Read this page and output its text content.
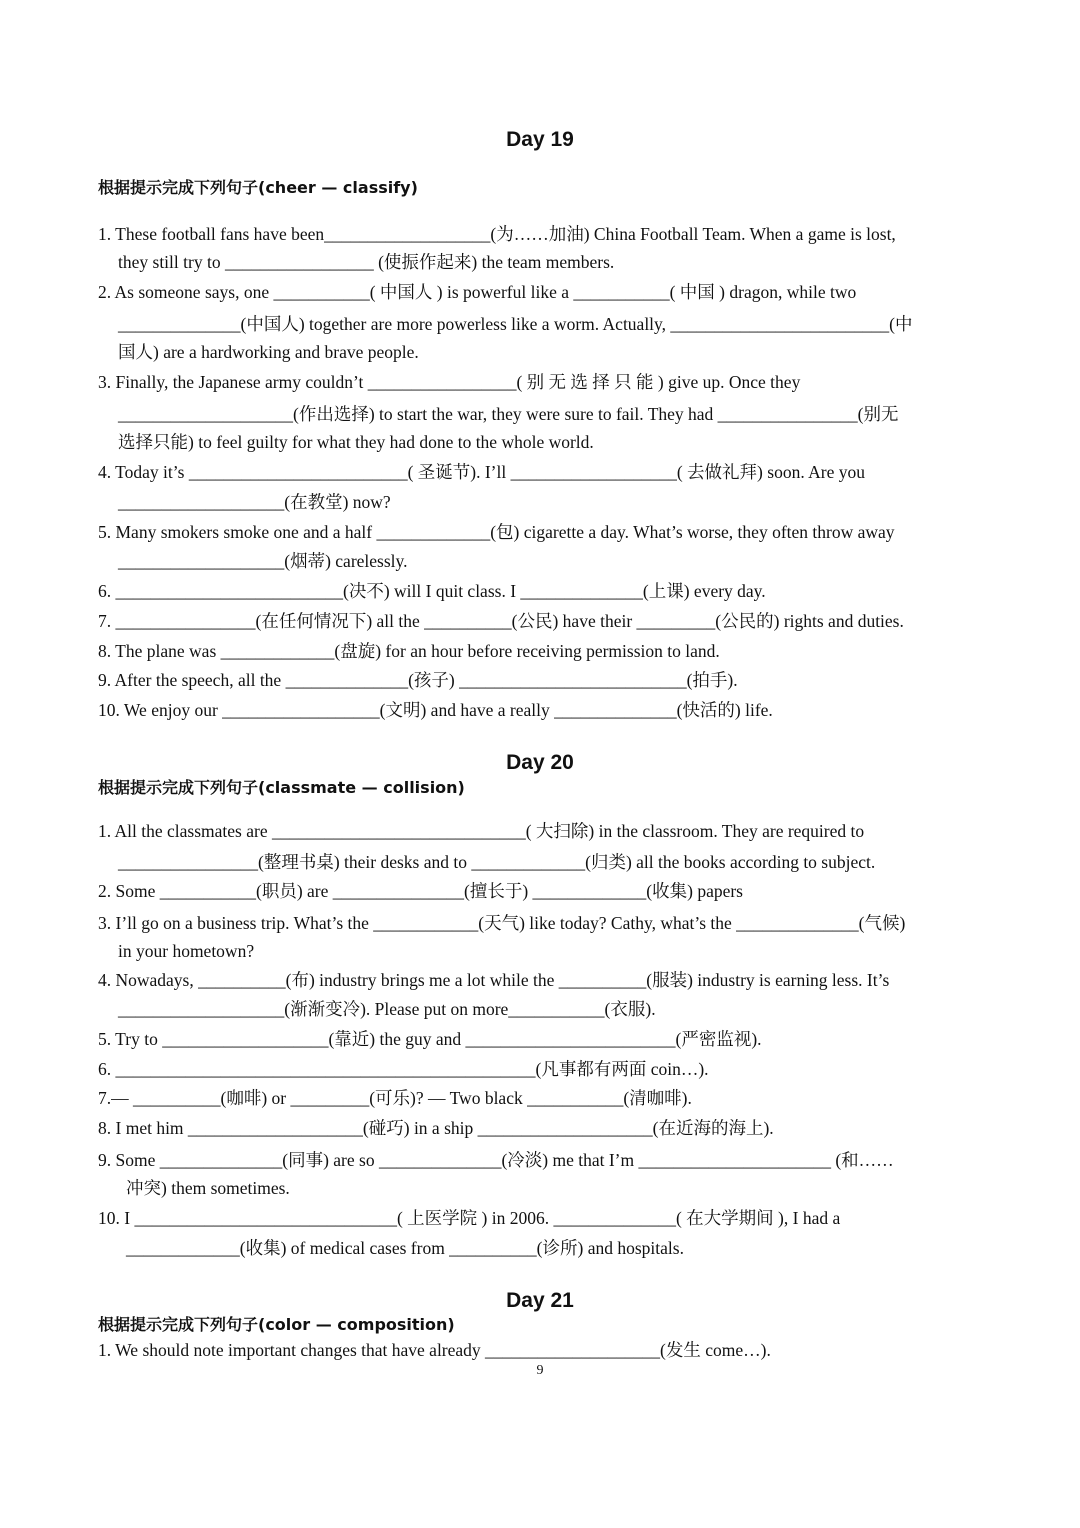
Day 19
根据提示完成下列句子(cheer — classify)
1. These football fans have been___________________(为……加油) China Football Team. When a game is lost,
they still try to _________________ (使振作起来) the team members.
2. As someone says, one ___________( 中国人 ) is powerful like a ___________( 中国 ) dragon, while two
______________(中国人) together are more powerless like a worm. Actually, _________________________(中
国人) are a hardworking and brave people.
3. Finally, the Japanese army couldn’t _________________( 别 无 选 择 只 能 ) give up. Once they
____________________(作出选择) to start the war, they were sure to fail. They had ________________(别无
选择只能) to feel guilty for what they had done to the whole world.
4. Today it’s _________________________( 圣诞节). I’ll ___________________( 去做礼拜) soon. Are you
___________________(在教堂) now?
5. Many smokers smoke one and a half _____________(包) cigarette a day. What’s worse, they often throw away
___________________(烟蒂) carelessly.
6. __________________________(决不) will I quit class. I ______________(上课) every day.
7. ________________(在任何情况下) all the __________(公民) have their _________(公民的) rights and duties.
8. The plane was _____________(盘旋) for an hour before receiving permission to land.
9. After the speech, all the ______________(孩子) __________________________(拍手).
10. We enjoy our __________________(文明) and have a really ______________(快活的) life.
Day 20
根据提示完成下列句子(classmate — collision)
1. All the classmates are _____________________________( 大扫除) in the classroom. They are required to
________________(整理书桌) their desks and to _____________(归类) all the books according to subject.
2. Some ___________(职员) are _______________(擅长于) _____________(收集) papers
3. I’ll go on a business trip. What’s the ____________(天气) like today? Cathy, what’s the ______________(气候)
in your hometown?
4. Nowadays, __________(布) industry brings me a lot while the __________(服装) industry is earning less. It’s
___________________(渐渐变冷). Please put on more___________(衣服).
5. Try to ___________________(靠近) the guy and ________________________(严密监视).
6. ________________________________________________(凡事都有两面 coin…).
7.— __________(咖啡) or _________(可乐)? — Two black ___________(清咖啡).
8. I met him ____________________(碰巧) in a ship ____________________(在近海的海上).
9. Some ______________(同事) are so ______________(冷淡) me that I’m ______________________ (和……
冲突) them sometimes.
10. I ______________________________( 上医学院 ) in 2006. ______________( 在大学期间 ), I had a
_____________(收集) of medical cases from __________(诊所) and hospitals.
Day 21
根据提示完成下列句子(color — composition)
1. We should note important changes that have already ____________________(发生 come…).
9
